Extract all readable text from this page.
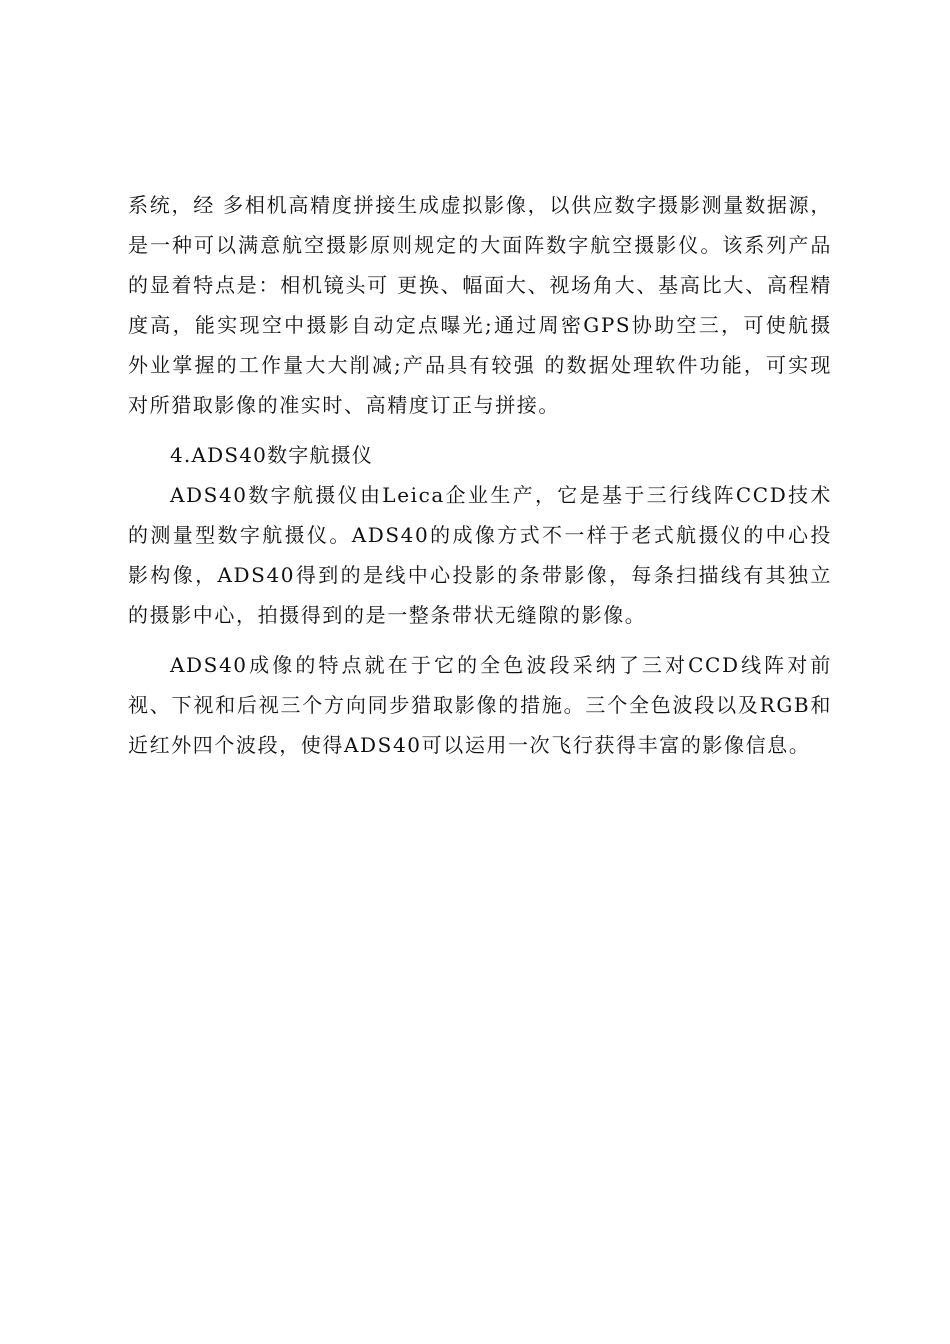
系统，经 多相机高精度拼接生成虚拟影像，以供应数字摄影测量数据源，是一种可以满意航空摄影原则规定的大面阵数字航空摄影仪。该系列产品的显着特点是：相机镜头可 更换、幅面大、视场角大、基高比大、高程精度高，能实现空中摄影自动定点曝光;通过周密GPS协助空三，可使航摄外业掌握的工作量大大削减;产品具有较强 的数据处理软件功能，可实现对所猎取影像的准实时、高精度订正与拼接。

4.ADS40数字航摄仪

ADS40数字航摄仪由Leica企业生产，它是基于三行线阵CCD技术的测量型数字航摄仪。ADS40的成像方式不一样于老式航摄仪的中心投影构像，ADS40得到的是线中心投影的条带影像，每条扫描线有其独立的摄影中心，拍摄得到的是一整条带状无缝隙的影像。

ADS40成像的特点就在于它的全色波段采纳了三对CCD线阵对前视、下视和后视三个方向同步猎取影像的措施。三个全色波段以及RGB和近红外四个波段，使得ADS40可以运用一次飞行获得丰富的影像信息。
